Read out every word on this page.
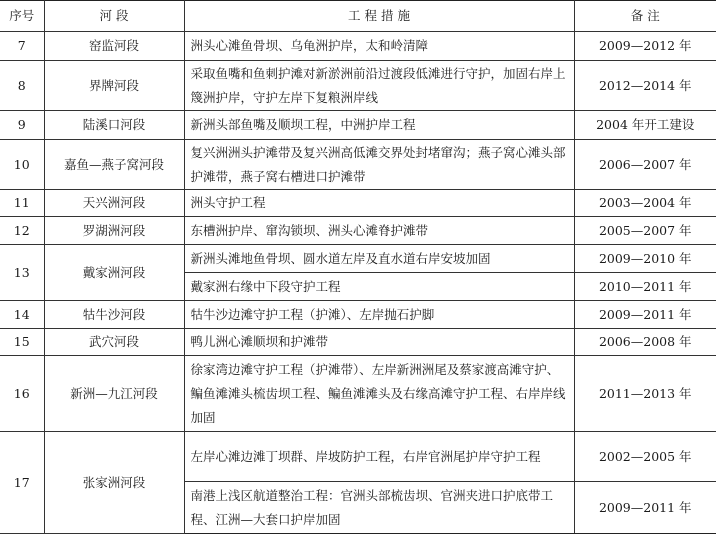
序号	河 段	工 程 措 施	备 注
7	窑监河段	洲头心滩鱼骨坝、乌龟洲护岸，太和岭清障	2009—2012 年
8	界牌河段	采取鱼嘴和鱼刺护滩对新淤洲前沿过渡段低滩进行守护，加固右岸上篾洲护岸，守护左岸下复粮洲岸线	2012—2014 年
9	陆溪口河段	新洲头部鱼嘴及顺坝工程，中洲护岸工程	2004 年开工建设
10	嘉鱼—燕子窝河段	复兴洲洲头护滩带及复兴洲高低滩交界处封堵窜沟；燕子窝心滩头部护滩带，燕子窝右槽进口护滩带	2006—2007 年
11	天兴洲河段	洲头守护工程	2003—2004 年
12	罗湖洲河段	东槽洲护岸、窜沟锁坝、洲头心滩脊护滩带	2005—2007 年
13	戴家洲河段	新洲头滩地鱼骨坝、圆水道左岸及直水道右岸安坡加固	2009—2010 年
		戴家洲右缘中下段守护工程	2010—2011 年
14	牯牛沙河段	牯牛沙边滩守护工程（护滩）、左岸抛石护脚	2009—2011 年
15	武穴河段	鸭儿洲心滩顺坝和护滩带	2006—2008 年
16	新洲—九江河段	徐家湾边滩守护工程（护滩带）、左岸新洲洲尾及蔡家渡高滩守护、鳊鱼滩滩头梳齿坝工程、鳊鱼滩滩头及右缘高滩守护工程、右岸岸线加固	2011—2013 年
17	张家洲河段	左岸心滩边滩丁坝群、岸坡防护工程，右岸官洲尾护岸守护工程	2002—2005 年
		南港上浅区航道整治工程：官洲头部梳齿坝、官洲夹进口护底带工程、江洲—大套口护岸加固	2009—2011 年
